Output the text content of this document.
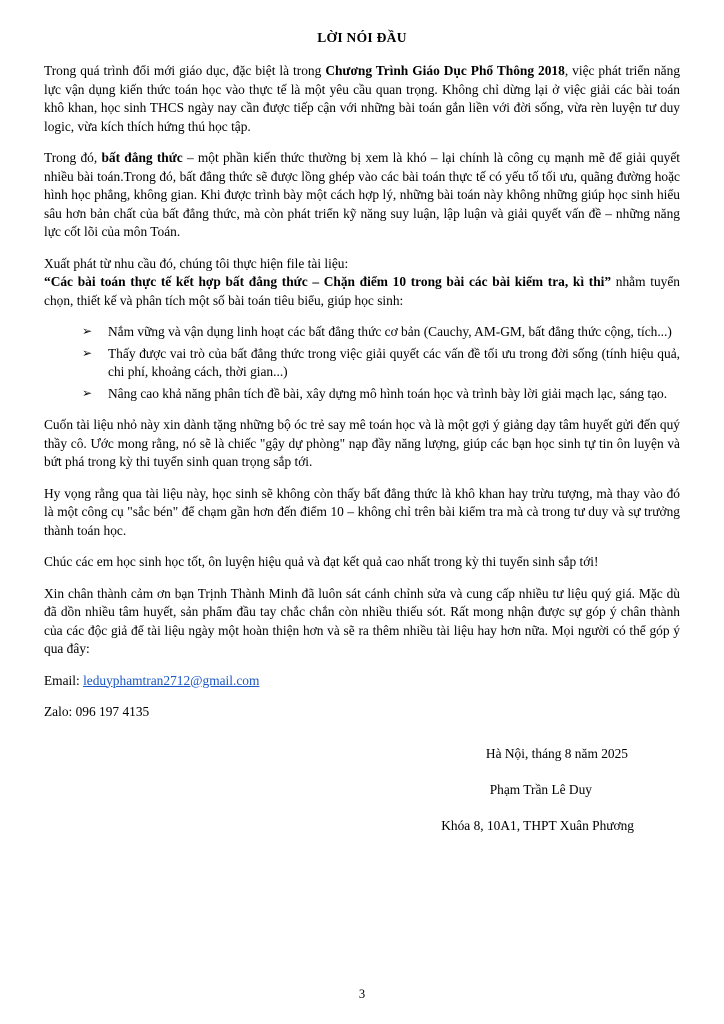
LỜI NÓI ĐẦU

Trong quá trình đổi mới giáo dục, đặc biệt là trong Chương Trình Giáo Dục Phổ Thông 2018, việc phát triển năng lực vận dụng kiến thức toán học vào thực tế là một yêu cầu quan trọng. Không chỉ dừng lại ở việc giải các bài toán khô khan, học sinh THCS ngày nay cần được tiếp cận với những bài toán gắn liền với đời sống, vừa rèn luyện tư duy logic, vừa kích thích hứng thú học tập.

Trong đó, bất đẳng thức – một phần kiến thức thường bị xem là khó – lại chính là công cụ mạnh mẽ để giải quyết nhiều bài toán.Trong đó, bất đẳng thức sẽ được lồng ghép vào các bài toán thực tế có yếu tố tối ưu, quãng đường hoặc hình học phẳng, không gian. Khi được trình bày một cách hợp lý, những bài toán này không những giúp học sinh hiểu sâu hơn bản chất của bất đẳng thức, mà còn phát triển kỹ năng suy luận, lập luận và giải quyết vấn đề – những năng lực cốt lõi của môn Toán.

Xuất phát từ nhu cầu đó, chúng tôi thực hiện file tài liệu:
“Các bài toán thực tế kết hợp bất đẳng thức – Chặn điểm 10 trong bài các bài kiểm tra, kì thi” nhằm tuyển chọn, thiết kế và phân tích một số bài toán tiêu biểu, giúp học sinh:

➢ Nắm vững và vận dụng linh hoạt các bất đẳng thức cơ bản (Cauchy, AM-GM, bất đẳng thức cộng, tích...)
➢ Thấy được vai trò của bất đẳng thức trong việc giải quyết các vấn đề tối ưu trong đời sống (tính hiệu quả, chi phí, khoảng cách, thời gian...)
➢ Nâng cao khả năng phân tích đề bài, xây dựng mô hình toán học và trình bày lời giải mạch lạc, sáng tạo.

Cuốn tài liệu nhỏ này xin dành tặng những bộ óc trẻ say mê toán học và là một gợi ý giảng dạy tâm huyết gửi đến quý thầy cô. Ước mong rằng, nó sẽ là chiếc "gậy dự phòng" nạp đầy năng lượng, giúp các bạn học sinh tự tin ôn luyện và bứt phá trong kỳ thi tuyển sinh quan trọng sắp tới.

Hy vọng rằng qua tài liệu này, học sinh sẽ không còn thấy bất đẳng thức là khô khan hay trừu tượng, mà thay vào đó là một công cụ "sắc bén" để chạm gần hơn đến điểm 10 – không chỉ trên bài kiểm tra mà cà trong tư duy và sự trưởng thành toán học.

Chúc các em học sinh học tốt, ôn luyện hiệu quả và đạt kết quả cao nhất trong kỳ thi tuyển sinh sắp tới!

Xin chân thành cảm ơn bạn Trịnh Thành Minh đã luôn sát cánh chỉnh sửa và cung cấp nhiều tư liệu quý giá. Mặc dù đã dồn nhiều tâm huyết, sản phẩm đầu tay chắc chắn còn nhiều thiếu sót. Rất mong nhận được sự góp ý chân thành của các độc giả để tài liệu ngày một hoàn thiện hơn và sẽ ra thêm nhiều tài liệu hay hơn nữa. Mọi người có thể góp ý qua đây:

Email: leduyphamtran2712@gmail.com
Zalo: 096 197 4135
Hà Nội, tháng 8 năm 2025
Phạm Trần Lê Duy
Khóa 8, 10A1, THPT Xuân Phương
3
